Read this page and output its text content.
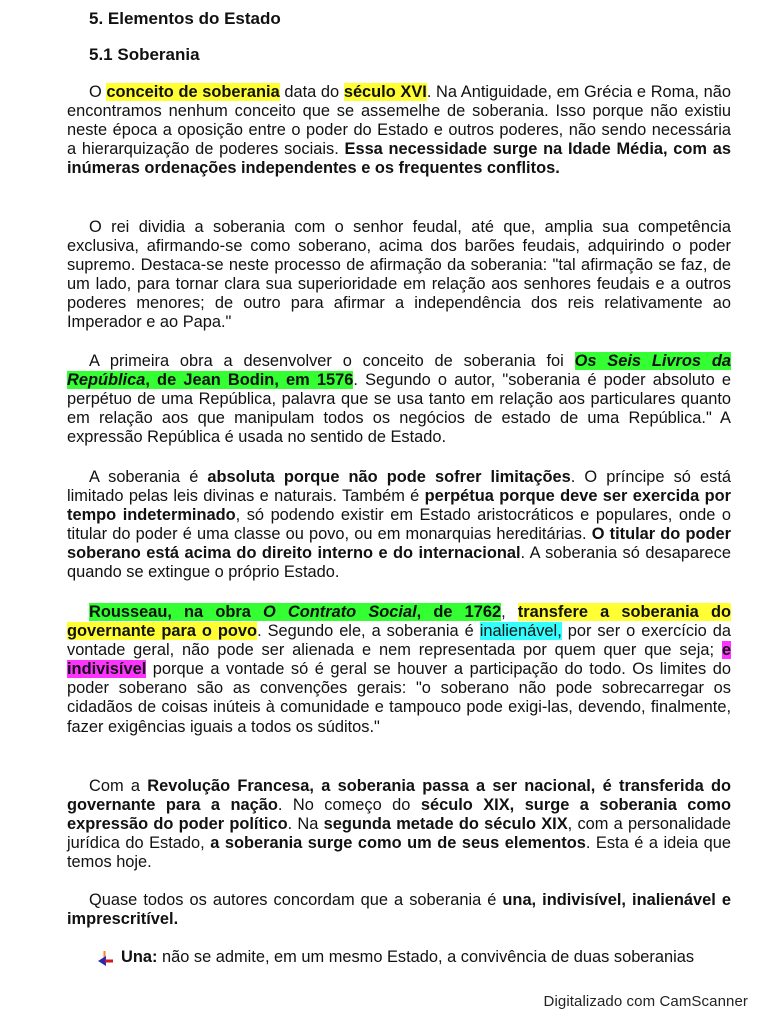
5. Elementos do Estado
5.1 Soberania

O conceito de soberania data do século XVI. Na Antiguidade, em Grécia e Roma, não encontramos nenhum conceito que se assemelhe de soberania. Isso porque não existiu neste época a oposição entre o poder do Estado e outros poderes, não sendo necessária a hierarquização de poderes sociais. Essa necessidade surge na Idade Média, com as inúmeras ordenações independentes e os frequentes conflitos.

O rei dividia a soberania com o senhor feudal, até que, amplia sua competência exclusiva, afirmando-se como soberano, acima dos barões feudais, adquirindo o poder supremo. Destaca-se neste processo de afirmação da soberania: "tal afirmação se faz, de um lado, para tornar clara sua superioridade em relação aos senhores feudais e a outros poderes menores; de outro para afirmar a independência dos reis relativamente ao Imperador e ao Papa."

A primeira obra a desenvolver o conceito de soberania foi Os Seis Livros da República, de Jean Bodin, em 1576. Segundo o autor, "soberania é poder absoluto e perpétuo de uma República, palavra que se usa tanto em relação aos particulares quanto em relação aos que manipulam todos os negócios de estado de uma República." A expressão República é usada no sentido de Estado.

A soberania é absoluta porque não pode sofrer limitações. O príncipe só está limitado pelas leis divinas e naturais. Também é perpétua porque deve ser exercida por tempo indeterminado, só podendo existir em Estado aristocráticos e populares, onde o titular do poder é uma classe ou povo, ou em monarquias hereditárias. O titular do poder soberano está acima do direito interno e do internacional. A soberania só desaparece quando se extingue o próprio Estado.

Rousseau, na obra O Contrato Social, de 1762, transfere a soberania do governante para o povo. Segundo ele, a soberania é inalienável, por ser o exercício da vontade geral, não pode ser alienada e nem representada por quem quer que seja; e indivisível porque a vontade só é geral se houver a participação do todo. Os limites do poder soberano são as convenções gerais: "o soberano não pode sobrecarregar os cidadãos de coisas inúteis à comunidade e tampouco pode exigi-las, devendo, finalmente, fazer exigências iguais a todos os súditos."

Com a Revolução Francesa, a soberania passa a ser nacional, é transferida do governante para a nação. No começo do século XIX, surge a soberania como expressão do poder político. Na segunda metade do século XIX, com a personalidade jurídica do Estado, a soberania surge como um de seus elementos. Esta é a ideia que temos hoje.

Quase todos os autores concordam que a soberania é una, indivisível, inalienável e imprescritível.

Una: não se admite, em um mesmo Estado, a convivência de duas soberanias

Digitalizado com CamScanner
